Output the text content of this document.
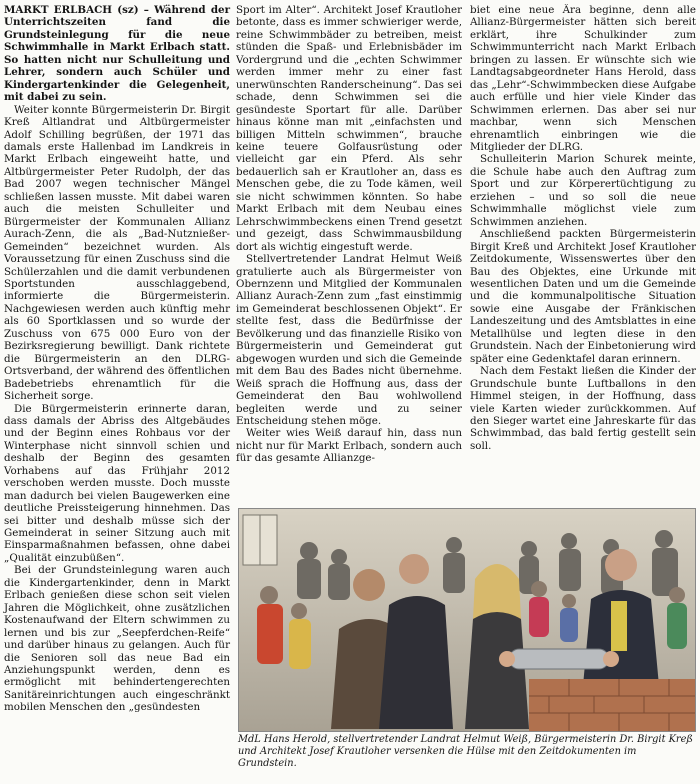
MARKT ERLBACH (sz) – Während der Unterrichtszeiten fand die Grundsteinlegung für die neue Schwimmhalle in Markt Erlbach statt. So hatten nicht nur Schulleitung und Lehrer, sondern auch Schüler und Kindergartenkinder die Gelegenheit, mit dabei zu sein.

Weiter konnte Bürgermeisterin Dr. Birgit Kreß Altlandrat und Altbürgermeister Adolf Schilling begrüßen, der 1971 das damals erste Hallenbad im Landkreis in Markt Erlbach eingeweiht hatte, und Altbürgermeister Peter Rudolph, der das Bad 2007 wegen technischer Mängel schließen lassen musste. Mit dabei waren auch die meisten Schulleiter und Bürgermeister der Kommunalen Allianz Aurach-Zenn, die als „Bad-Nutznießer-Gemeinden“ bezeichnet wurden. Als Voraussetzung für einen Zuschuss sind die Schülerzahlen und die damit verbundenen Sportstunden ausschlaggebend, informierte die Bürgermeisterin. Nachgewiesen werden auch künftig mehr als 60 Sportklassen und so wurde der Zuschuss von 675 000 Euro von der Bezirksregierung bewilligt. Dank richtete die Bürgermeisterin an den DLRG-Ortsverband, der während des öffentlichen Badebetriebs ehrenamtlich für die Sicherheit sorge.

Die Bürgermeisterin erinnerte daran, dass damals der Abriss des Altgebäudes und der Beginn eines Rohbaus vor der Winterphase nicht sinnvoll schien und deshalb der Beginn des gesamten Vorhabens auf das Frühjahr 2012 verschoben werden musste. Doch musste man dadurch bei vielen Baugewerken eine deutliche Preissteigerung hinnehmen. Das sei bitter und deshalb müsse sich der Gemeinderat in seiner Sitzung auch mit Einsparmaßnahmen befassen, ohne dabei „Qualität einzubüßen“.

Bei der Grundsteinlegung waren auch die Kindergartenkinder, denn in Markt Erlbach genießen diese schon seit vielen Jahren die Möglichkeit, ohne zusätzlichen Kostenaufwand der Eltern schwimmen zu lernen und bis zur „Seepferdchen-Reife“ und darüber hinaus zu gelangen. Auch für die Senioren soll das neue Bad ein Anziehungspunkt werden, denn es ermöglicht mit behindertengerechten Sanitäreinrichtungen auch eingeschränkt mobilen Menschen den „gesündesten

Sport im Alter“. Architekt Josef Krautloher betonte, dass es immer schwieriger werde, reine Schwimmbäder zu betreiben, meist stünden die Spaß- und Erlebnisbäder im Vordergrund und die „echten Schwimmer werden immer mehr zu einer fast unerwünschten Randerscheinung“. Das sei schade, denn Schwimmen sei die gesündeste Sportart für alle. Darüber hinaus könne man mit „einfachsten und billigen Mitteln schwimmen“, brauche keine teuere Golfausrüstung oder vielleicht gar ein Pferd. Als sehr bedauerlich sah er Krautloher an, dass es Menschen gebe, die zu Tode kämen, weil sie nicht schwimmen könnten. So habe Markt Erlbach mit dem Neubau eines Lehrschwimmbeckens einen Trend gesetzt und gezeigt, dass Schwimmausbildung dort als wichtig eingestuft werde.

Stellvertretender Landrat Helmut Weiß gratulierte auch als Bürgermeister von Obernzenn und Mitglied der Kommunalen Allianz Aurach-Zenn zum „fast einstimmig im Gemeinderat beschlossenen Objekt“. Er stellte fest, dass die Bedürfnisse der Bevölkerung und das finanzielle Risiko von Bürgermeisterin und Gemeinderat gut abgewogen wurden und sich die Gemeinde mit dem Bau des Bades nicht übernehme. Weiß sprach die Hoffnung aus, dass der Gemeinderat den Bau wohlwollend begleiten werde und zu seiner Entscheidung stehen möge.

Weiter wies Weiß darauf hin, dass nun nicht nur für Markt Erlbach, sondern auch für das gesamte Allianzge-

biet eine neue Ära beginne, denn alle Allianz-Bürgermeister hätten sich bereit erklärt, ihre Schulkinder zum Schwimmunterricht nach Markt Erlbach bringen zu lassen. Er wünschte sich wie Landtagsabgeordneter Hans Herold, dass das „Lehr“-Schwimmbecken diese Aufgabe auch erfülle und hier viele Kinder das Schwimmen erlernen. Das aber sei nur machbar, wenn sich Menschen ehrenamtlich einbringen wie die Mitglieder der DLRG.

Schulleiterin Marion Schurek meinte, die Schule habe auch den Auftrag zum Sport und zur Körperertüchtigung zu erziehen – und so soll die neue Schwimmhalle möglichst viele zum Schwimmen anziehen.

Anschließend packten Bürgermeisterin Birgit Kreß und Architekt Josef Krautloher Zeitdokumente, Wissenswertes über den Bau des Objektes, eine Urkunde mit wesentlichen Daten und um die Gemeinde und die kommunalpolitische Situation sowie eine Ausgabe der Fränkischen Landeszeitung und des Amtsblattes in eine Metallhülse und legten diese in den Grundstein. Nach der Einbetonierung wird später eine Gedenktafel daran erinnern.

Nach dem Festakt ließen die Kinder der Grundschule bunte Luftballons in den Himmel steigen, in der Hoffnung, dass viele Karten wieder zurückkommen. Auf den Sieger wartet eine Jahreskarte für das Schwimmbad, das bald fertig gestellt sein soll.

MdL Hans Herold, stellvertretender Landrat Helmut Weiß, Bürgermeisterin Dr. Birgit Kreß und Architekt Josef Krautloher versenken die Hülse mit den Zeitdokumenten im Grundstein.
